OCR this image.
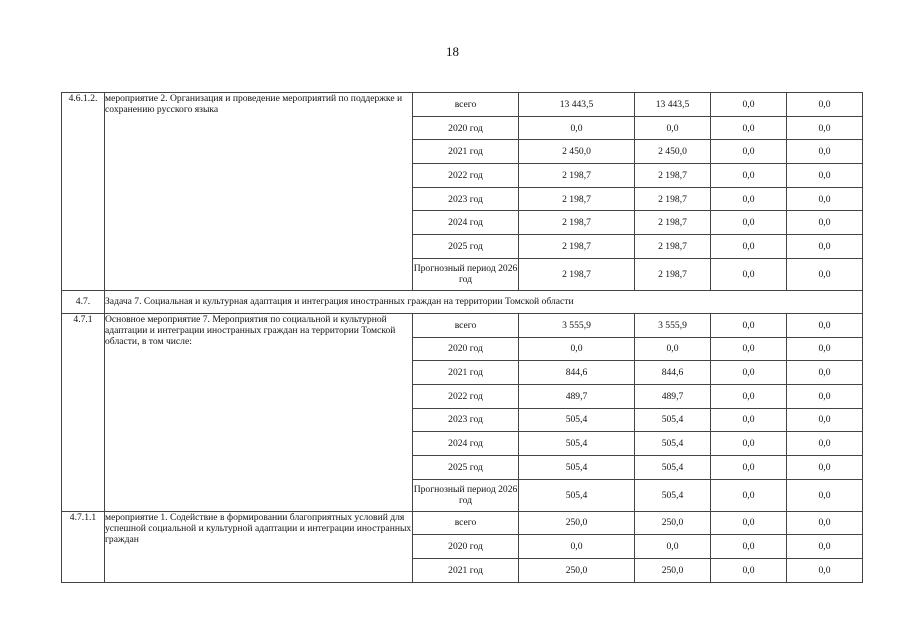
18
4.6.1.2.	мероприятие 2. Организация и проведение мероприятий по поддержке и сохранению русского языка	всего	13 443,5	13 443,5	0,0	0,0
		2020 год	0,0	0,0	0,0	0,0
		2021 год	2 450,0	2 450,0	0,0	0,0
		2022 год	2 198,7	2 198,7	0,0	0,0
		2023 год	2 198,7	2 198,7	0,0	0,0
		2024 год	2 198,7	2 198,7	0,0	0,0
		2025 год	2 198,7	2 198,7	0,0	0,0
		Прогнозный период 2026 год	2 198,7	2 198,7	0,0	0,0
4.7.	Задача 7. Социальная и культурная адаптация и интеграция иностранных граждан на территории Томской области					
4.7.1	Основное мероприятие 7. Мероприятия по социальной и культурной адаптации и интеграции иностранных граждан на территории Томской области, в том числе:	всего	3 555,9	3 555,9	0,0	0,0
		2020 год	0,0	0,0	0,0	0,0
		2021 год	844,6	844,6	0,0	0,0
		2022 год	489,7	489,7	0,0	0,0
		2023 год	505,4	505,4	0,0	0,0
		2024 год	505,4	505,4	0,0	0,0
		2025 год	505,4	505,4	0,0	0,0
		Прогнозный период 2026 год	505,4	505,4	0,0	0,0
4.7.1.1	мероприятие 1. Содействие в формировании благоприятных условий для успешной социальной и культурной адаптации и интеграции иностранных граждан	всего	250,0	250,0	0,0	0,0
		2020 год	0,0	0,0	0,0	0,0
		2021 год	250,0	250,0	0,0	0,0
